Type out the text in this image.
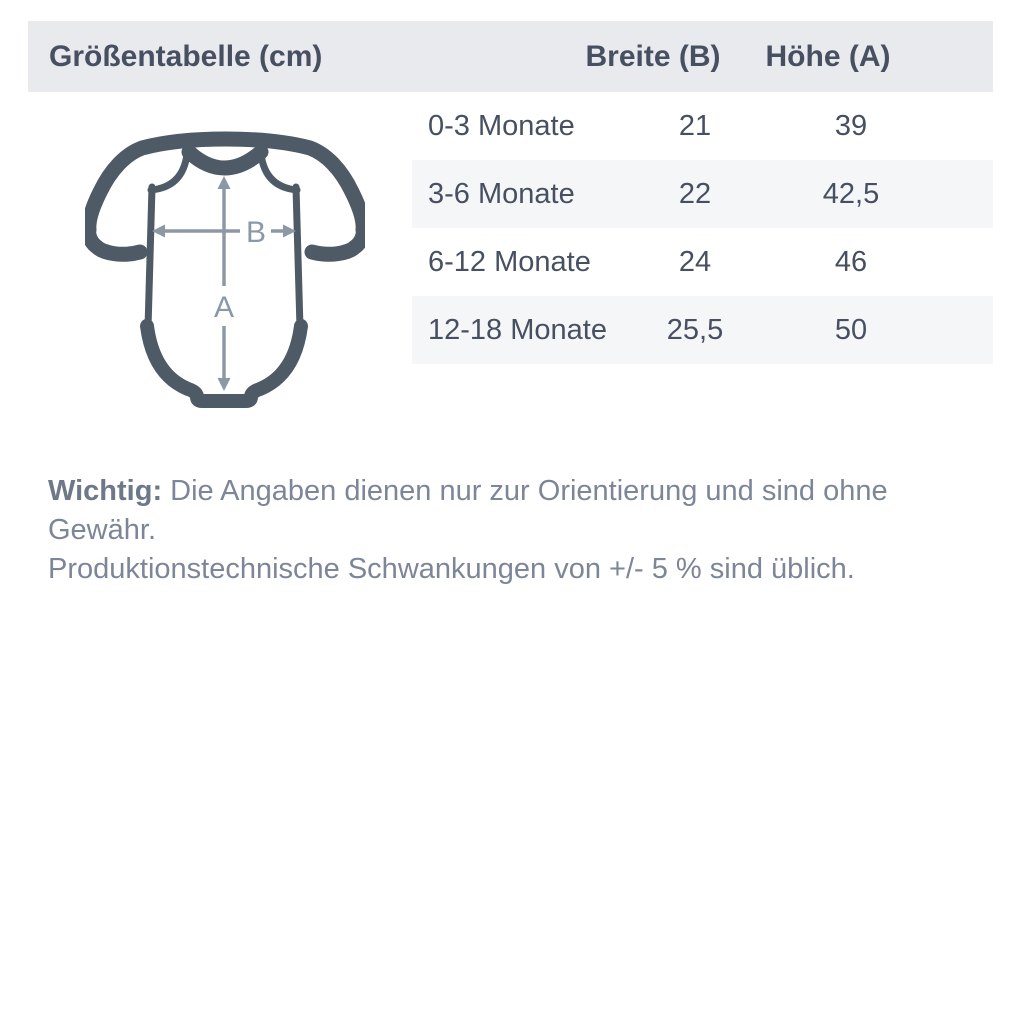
Größentabelle (cm)	Breite (B) Höhe (A)
A
B
0-3 Monate	21	39
3-6 Monate	22	42,5
6-12 Monate	24	46
12-18 Monate	25,5	50

Wichtig: Die Angaben dienen nur zur Orientierung und sind ohne Gewähr.
Produktionstechnische Schwankungen von +/- 5 % sind üblich.
